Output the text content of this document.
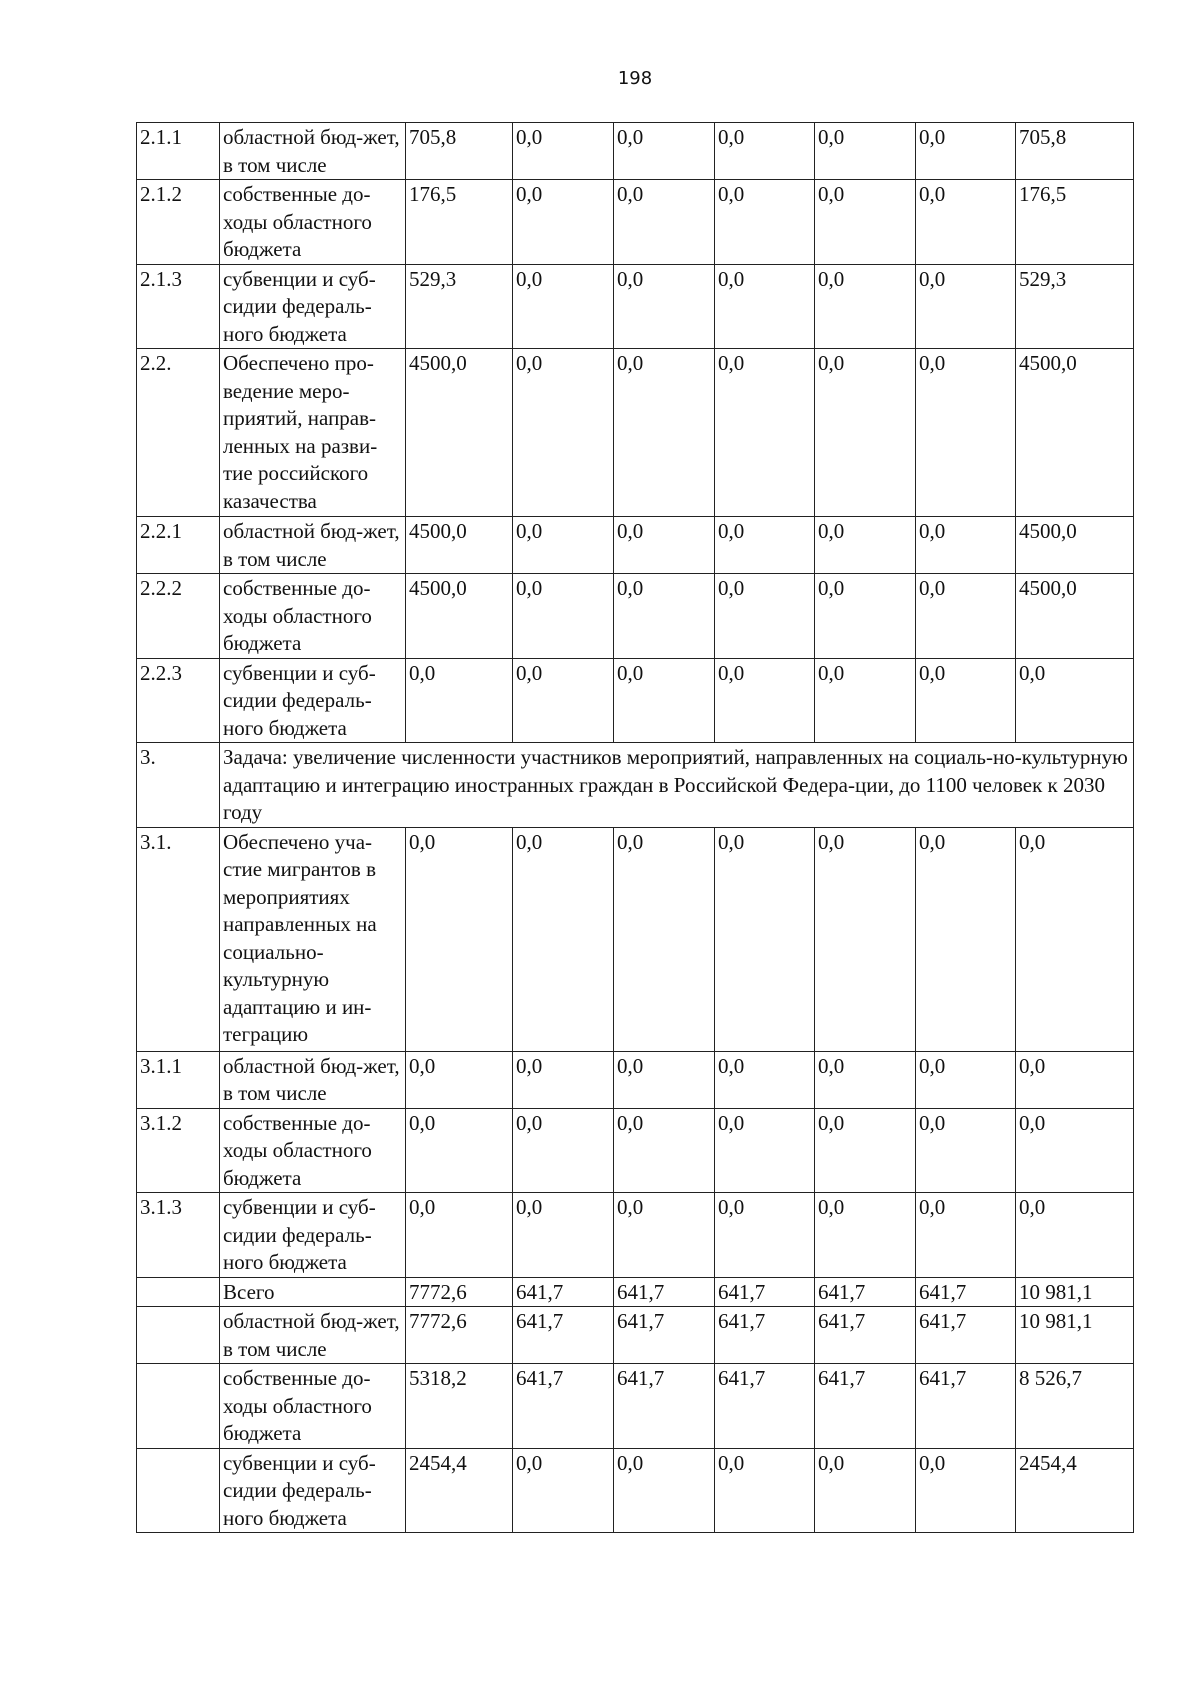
198
2.1.1	областной бюд-жет, в том числе	705,8	0,0	0,0	0,0	0,0	0,0	705,8
2.1.2	собственные до-ходы областного бюджета	176,5	0,0	0,0	0,0	0,0	0,0	176,5
2.1.3	субвенции и суб-сидии федераль-ного бюджета	529,3	0,0	0,0	0,0	0,0	0,0	529,3
2.2.	Обеспечено про-ведение меро-приятий, направ-ленных на разви-тие российского казачества	4500,0	0,0	0,0	0,0	0,0	0,0	4500,0
2.2.1	областной бюд-жет, в том числе	4500,0	0,0	0,0	0,0	0,0	0,0	4500,0
2.2.2	собственные до-ходы областного бюджета	4500,0	0,0	0,0	0,0	0,0	0,0	4500,0
2.2.3	субвенции и суб-сидии федераль-ного бюджета	0,0	0,0	0,0	0,0	0,0	0,0	0,0
3.	Задача: увеличение численности участников мероприятий, направленных на социаль-но-культурную адаптацию и интеграцию иностранных граждан в Российской Федера-ции, до 1100 человек к 2030 году							
3.1.	Обеспечено уча-стие мигрантов в мероприятиях направленных на социально-культурную адаптацию и ин-теграцию	0,0	0,0	0,0	0,0	0,0	0,0	0,0
3.1.1	областной бюд-жет, в том числе	0,0	0,0	0,0	0,0	0,0	0,0	0,0
3.1.2	собственные до-ходы областного бюджета	0,0	0,0	0,0	0,0	0,0	0,0	0,0
3.1.3	субвенции и суб-сидии федераль-ного бюджета	0,0	0,0	0,0	0,0	0,0	0,0	0,0
	Всего	7772,6	641,7	641,7	641,7	641,7	641,7	10 981,1
	областной бюд-жет, в том числе	7772,6	641,7	641,7	641,7	641,7	641,7	10 981,1
	собственные до-ходы областного бюджета	5318,2	641,7	641,7	641,7	641,7	641,7	8 526,7
	субвенции и суб-сидии федераль-ного бюджета	2454,4	0,0	0,0	0,0	0,0	0,0	2454,4
